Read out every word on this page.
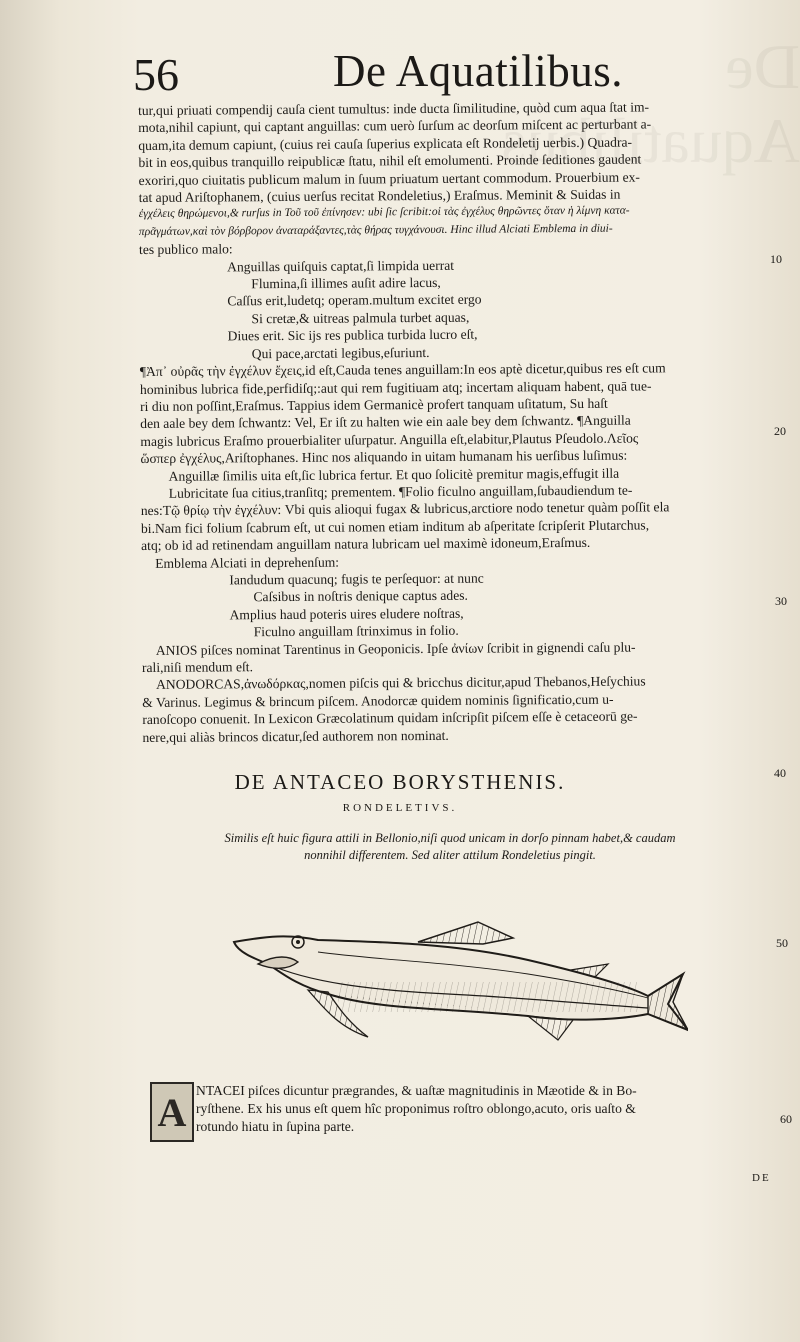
De Aquatilibus
56	De Aquatilibus.
tur,qui priuati compendij cauſa cient tumultus: inde ducta ſimilitudine, quòd cum aqua ſtat im-
mota,nihil capiunt, qui captant anguillas: cum uerò ſurſum ac deorſum miſcent ac perturbant a-
quam,ita demum capiunt, (cuius rei cauſa ſuperius explicata eſt Rondeletij uerbis.) Quadra-
bit in eos,quibus tranquillo reipublicæ ſtatu, nihil eſt emolumenti. Proinde ſeditiones gaudent
exoriri,quo ciuitatis publicum malum in ſuum priuatum uertant commodum. Prouerbium ex-
tat apud Ariſtophanem, (cuius uerſus recitat Rondeletius,) Eraſmus. Meminit & Suidas in
ἐγχέλεις θηρώμενοι,& rurſus in Τοῦ τοῦ ἐπίνησεν: ubi ſic ſcribit:οἱ τὰς ἐγχέλυς θηρῶντες ὅταν ἡ λίμνη κατα-
πρᾶγμάτων,καὶ τὸν βόρβορον ἀναταράξαντες,τὰς θήρας τυγχάνουσι. Hinc illud Alciati Emblema in diui-
tes publico malo:
Anguillas quiſquis captat,ſi limpida uerrat
Flumina,ſi illimes auſit adire lacus,
Caſſus erit,ludetq; operam.multum excitet ergo
Si cretæ,& uitreas palmula turbet aquas,
Diues erit. Sic ijs res publica turbida lucro eſt,
Qui pace,arctati legibus,eſuriunt.
¶Ἀπ᾽ οὐρᾶς τὴν ἐγχέλυν ἔχεις,id eſt,Cauda tenes anguillam:In eos aptè dicetur,quibus res eſt cum
hominibus lubrica fide,perfidiſq;:aut qui rem fugitiuam atq; incertam aliquam habent, quā tue-
ri diu non poſſint,Eraſmus. Tappius idem Germanicè profert tanquam uſitatum, Su haſt
den aale bey dem ſchwantz: Vel, Er iſt zu halten wie ein aale bey dem ſchwantz. ¶Anguilla
magis lubricus Eraſmo prouerbialiter uſurpatur. Anguilla eſt,elabitur,Plautus Pſeudolo.Λεῖος
ὥσπερ ἐγχέλυς,Ariſtophanes. Hinc nos aliquando in uitam humanam his uerſibus luſimus:
Anguillæ ſimilis uita eſt,ſic lubrica fertur. Et quo ſolicitè premitur magis,effugit illa
Lubricitate ſua citius,tranſitq; prementem. ¶Folio ficulno anguillam,ſubaudiendum te-
nes:Τῷ θρίῳ τὴν ἐγχέλυν: Vbi quis alioqui fugax & lubricus,arctiore nodo tenetur quàm poſſit ela
bi.Nam fici folium ſcabrum eſt, ut cui nomen etiam inditum ab aſperitate ſcripſerit Plutarchus,
atq; ob id ad retinendam anguillam natura lubricam uel maximè idoneum,Eraſmus.
Emblema Alciati in deprehenſum:
Iandudum quacunq; fugis te perſequor: at nunc
Caſsibus in noſtris denique captus ades.
Amplius haud poteris uires eludere noſtras,
Ficulno anguillam ſtrinximus in folio.
ANIOS piſces nominat Tarentinus in Geoponicis. Ipſe ἀνίων ſcribit in gignendi caſu plu-
rali,niſi mendum eſt.
ANODORCAS,ἀνωδόρκας,nomen piſcis qui & bricchus dicitur,apud Thebanos,Heſychius
& Varinus. Legimus & brincum piſcem. Anodorcæ quidem nominis ſignificatio,cum u-
ranoſcopo conuenit. In Lexicon Græcolatinum quidam inſcripſit piſcem eſſe è cetaceorū ge-
nere,qui aliàs brincos dicatur,ſed authorem non nominat.
DE ANTACEO BORYSTHENIS.
RONDELETIVS.
Similis eſt huic figura attili in Bellonio,niſi quod unicam in dorſo pinnam habet,& caudam
nonnihil differentem. Sed aliter attilum Rondeletius pingit.
A NTACEI piſces dicuntur prægrandes, & uaſtæ magnitudinis in Mæotide & in Bo-
ryſthene. Ex his unus eſt quem hîc proponimus roſtro oblongo,acuto, oris uaſto &
rotundo hiatu in ſupina parte.
10
20
30
40
50
60
DE
